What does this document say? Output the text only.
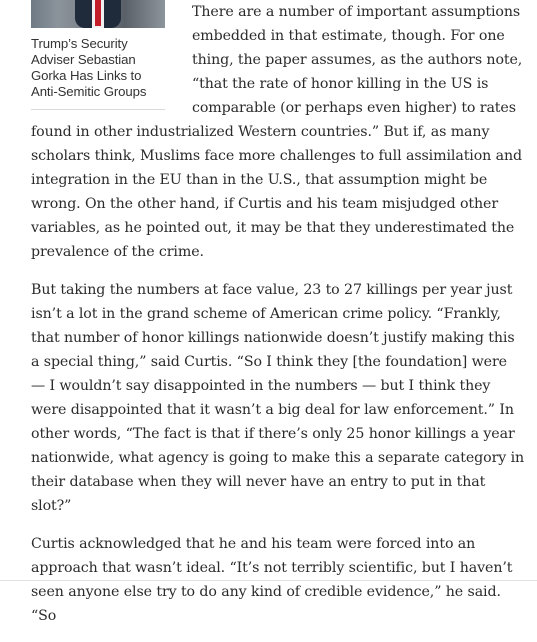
Trump’s Security Adviser Sebastian Gorka Has Links to Anti-Semitic Groups

There are a number of important assumptions embedded in that estimate, though. For one thing, the paper assumes, as the authors note, “that the rate of honor killing in the US is comparable (or perhaps even higher) to rates found in other industrialized Western countries.” But if, as many scholars think, Muslims face more challenges to full assimilation and integration in the EU than in the U.S., that assumption might be wrong. On the other hand, if Curtis and his team misjudged other variables, as he pointed out, it may be that they underestimated the prevalence of the crime.

But taking the numbers at face value, 23 to 27 killings per year just isn’t a lot in the grand scheme of American crime policy. “Frankly, that number of honor killings nationwide doesn’t justify making this a special thing,” said Curtis. “So I think they [the foundation] were — I wouldn’t say disappointed in the numbers — but I think they were disappointed that it wasn’t a big deal for law enforcement.” In other words, “The fact is that if there’s only 25 honor killings a year nationwide, what agency is going to make this a separate category in their database when they will never have an entry to put in that slot?”

Curtis acknowledged that he and his team were forced into an approach that wasn’t ideal. “It’s not terribly scientific, but I haven’t seen anyone else try to do any kind of credible evidence,” he said. “So
